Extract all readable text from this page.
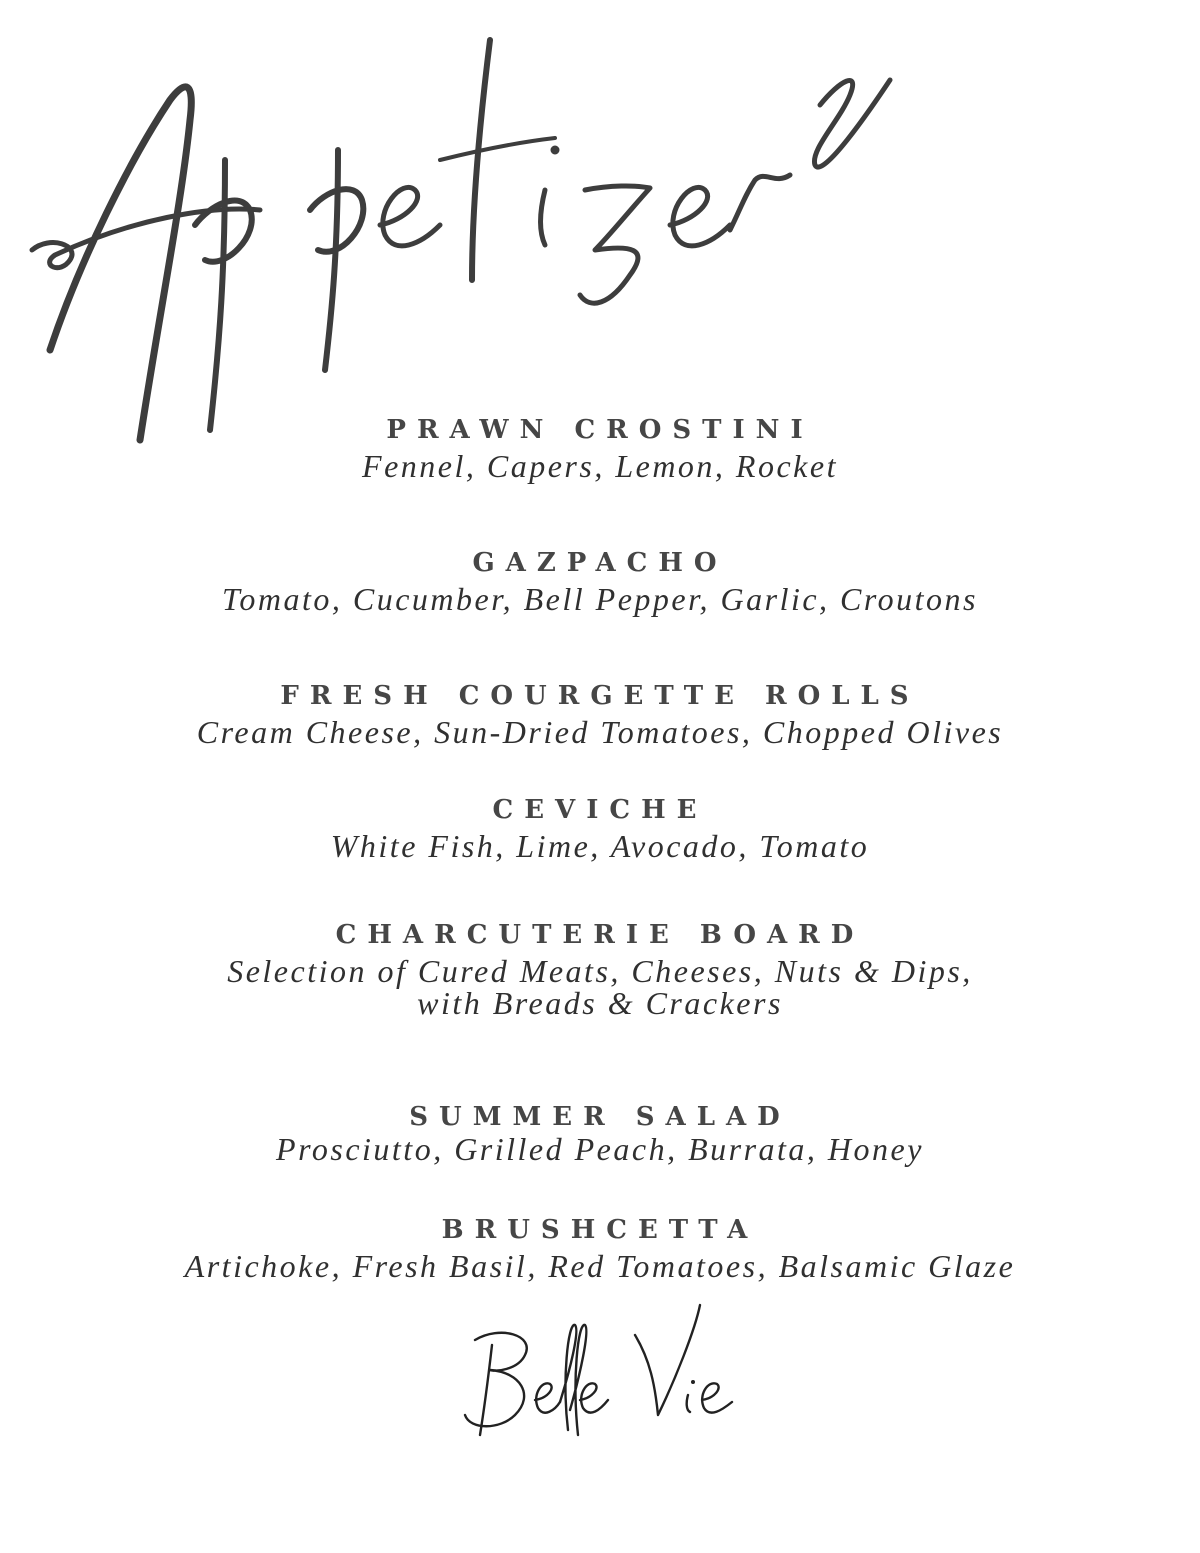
PRAWN CROSTINI
Fennel, Capers, Lemon, Rocket
GAZPACHO
Tomato, Cucumber, Bell Pepper, Garlic, Croutons
FRESH COURGETTE ROLLS
Cream Cheese, Sun-Dried Tomatoes, Chopped Olives
CEVICHE
White Fish, Lime, Avocado, Tomato
CHARCUTERIE BOARD
Selection of Cured Meats, Cheeses, Nuts & Dips,
with Breads & Crackers
SUMMER SALAD
Prosciutto, Grilled Peach, Burrata, Honey
BRUSHCETTA
Artichoke, Fresh Basil, Red Tomatoes, Balsamic Glaze
